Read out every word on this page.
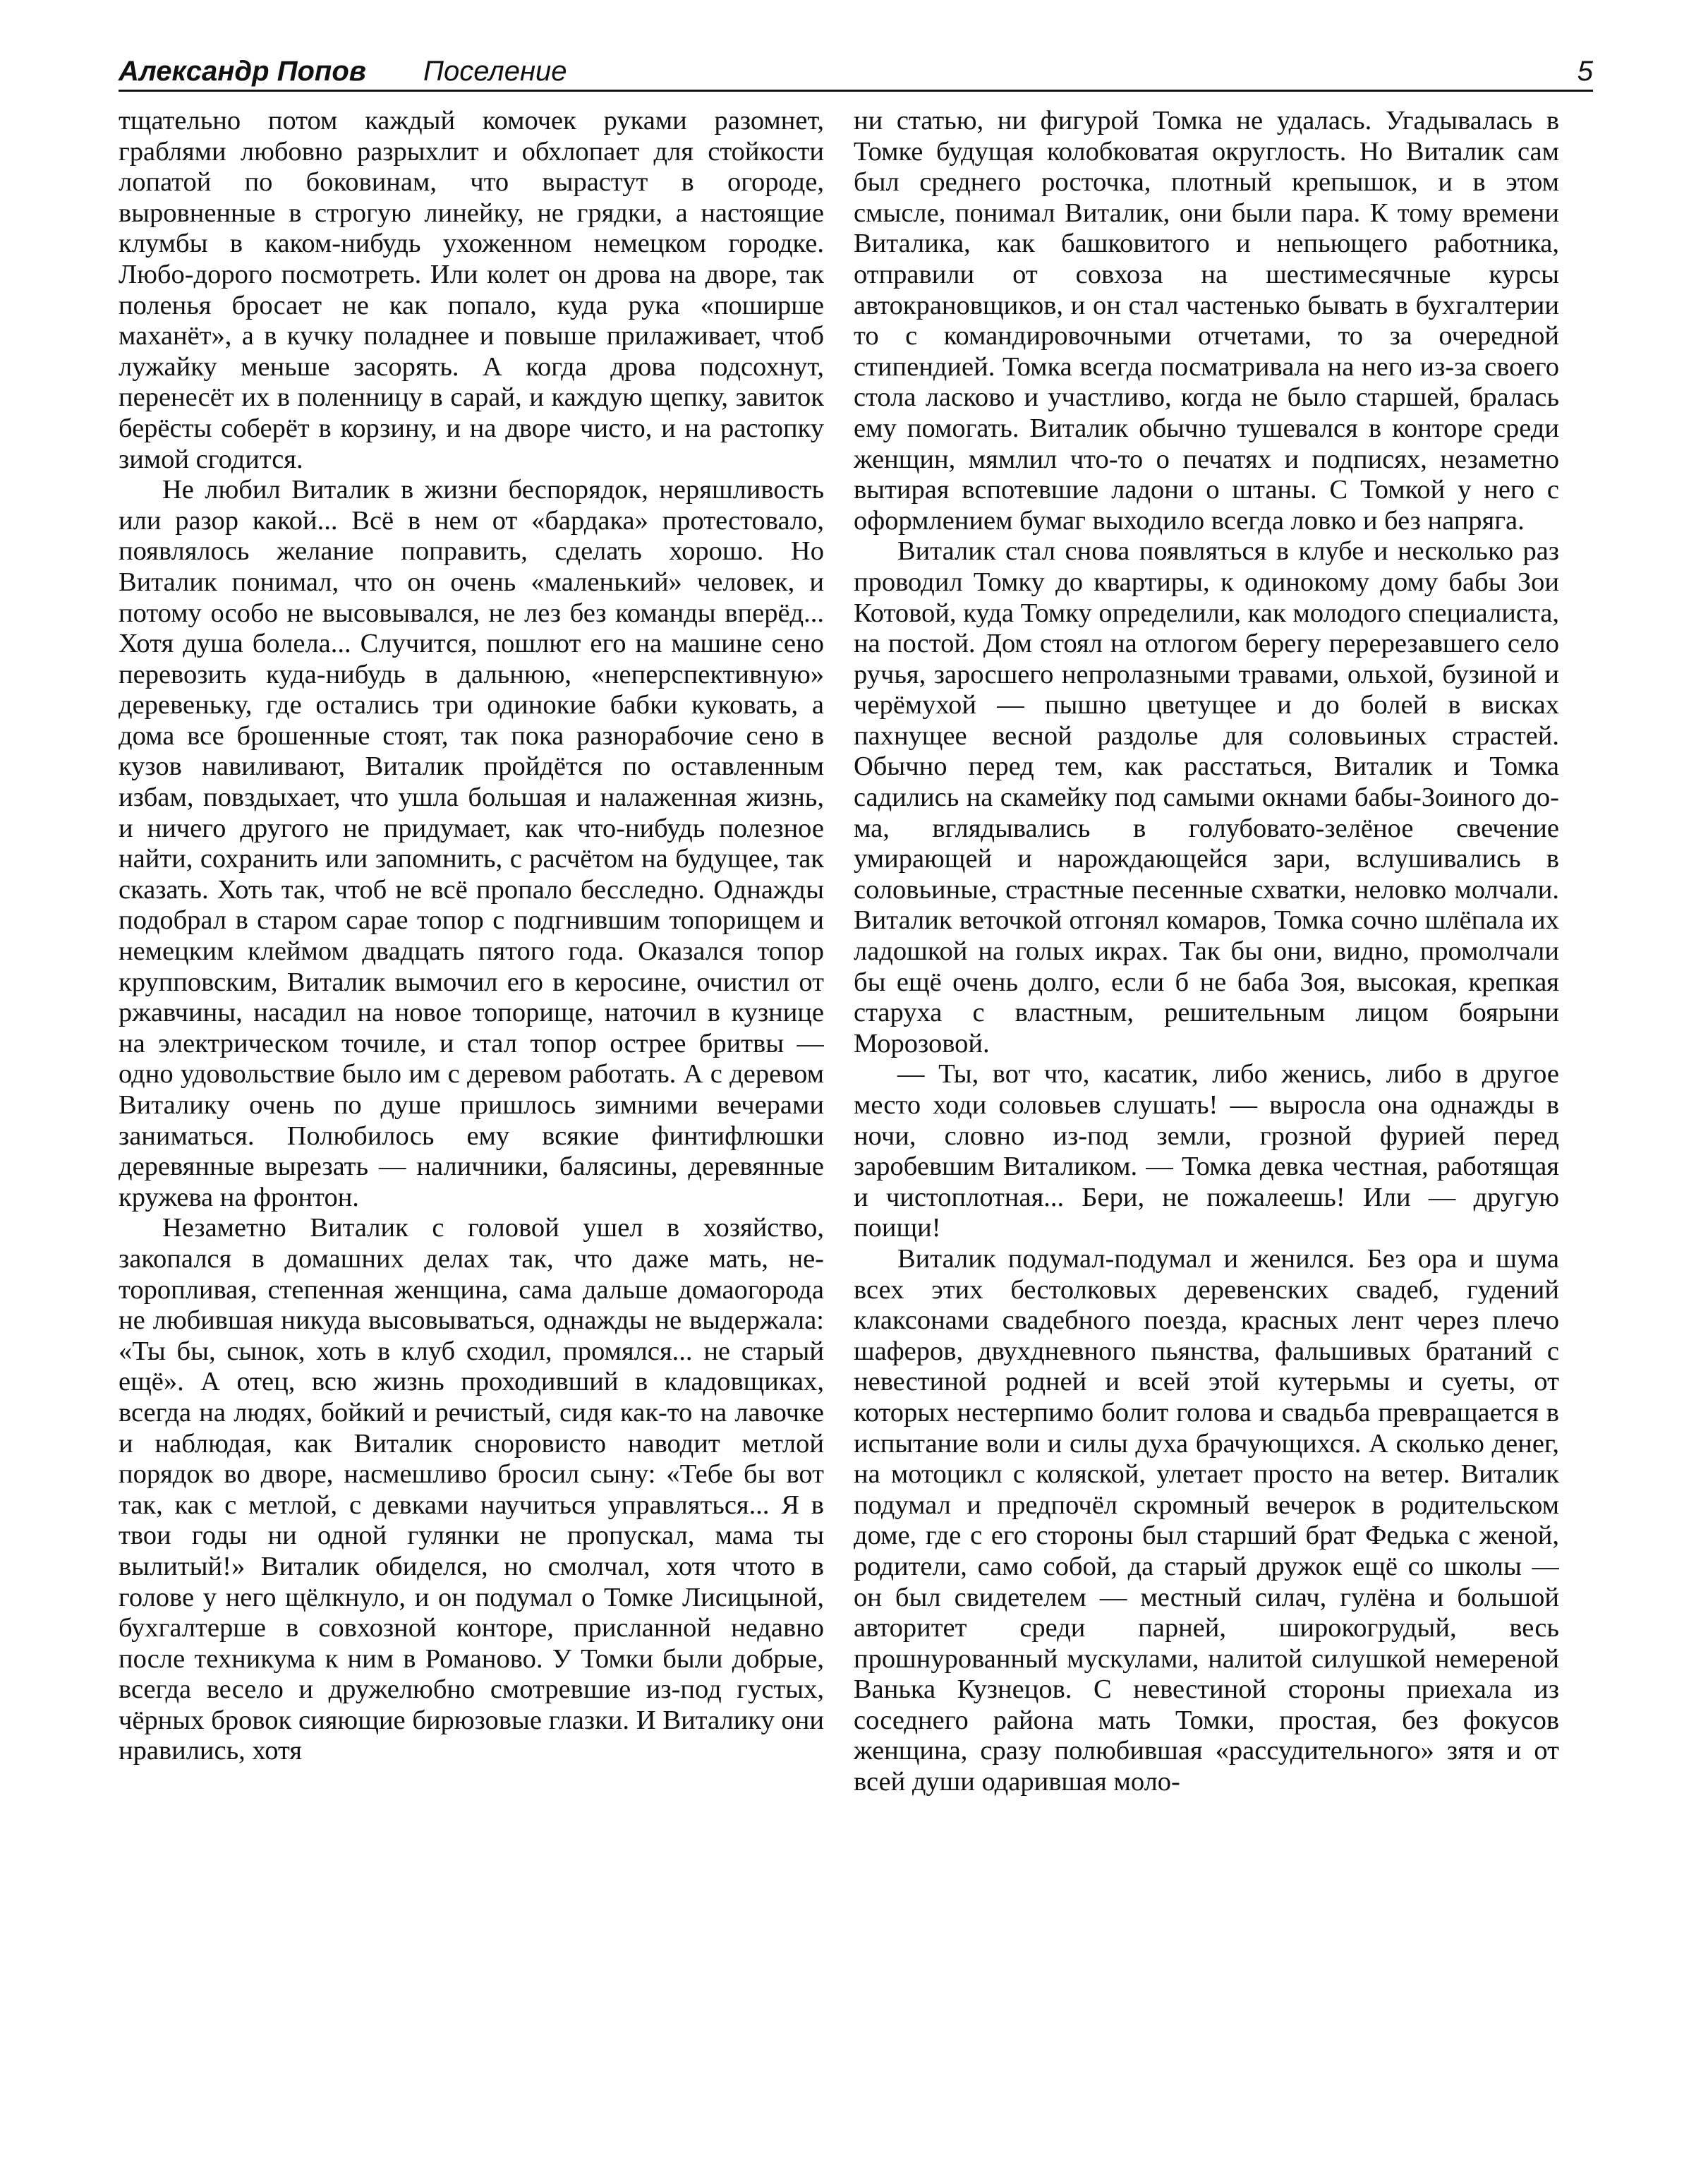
Александр Попов Поселение	5

тщательно потом каждый комочек руками разомнет, граблями любовно разрыхлит и обхлопает для стойкости лопатой по боковинам, что вырастут в огороде, выровненные в строгую линейку, не грядки, а настоящие клумбы в каком-нибудь ухоженном немецком городке. Любо-дорого посмотреть. Или колет он дрова на дворе, так поленья бросает не как попало, куда рука «поширше маханёт», а в кучку поладнее и повыше прилаживает, чтоб лужайку меньше засорять. А когда дрова подсохнут, перенесёт их в поленницу в сарай, и каждую щепку, завиток берёсты соберёт в корзину, и на дворе чисто, и на растопку зимой сгодится.

Не любил Виталик в жизни беспорядок, неряшливость или разор какой... Всё в нем от «бардака» протестовало, появлялось желание поправить, сделать хорошо. Но Виталик понимал, что он очень «маленький» человек, и потому особо не высовывался, не лез без команды вперёд... Хотя душа болела... Случится, пошлют его на машине сено перевозить куда-нибудь в дальнюю, «неперспективную» деревеньку, где остались три одинокие бабки куковать, а дома все брошенные стоят, так пока разнорабочие сено в кузов навиливают, Виталик пройдётся по оставленным избам, повздыхает, что ушла большая и налаженная жизнь, и ничего другого не придумает, как что-нибудь полезное найти, сохранить или запомнить, с расчётом на будущее, так сказать. Хоть так, чтоб не всё пропало бесследно. Однажды подобрал в старом сарае топор с подгнившим топорищем и немецким клеймом двадцать пятого года. Оказался топор крупповским, Виталик вымочил его в керосине, очистил от ржавчины, насадил на новое топорище, наточил в кузнице на электрическом точиле, и стал топор острее бритвы — одно удовольствие было им с деревом работать. А с деревом Виталику очень по душе пришлось зимними вечерами заниматься. Полюбилось ему всякие финтифлюшки деревянные вырезать — наличники, балясины, деревянные кружева на фронтон.

Незаметно Виталик с головой ушел в хозяйство, закопался в домашних делах так, что даже мать, неторопливая, степенная женщина, сама дальше домаогорода не любившая никуда высовываться, однажды не выдержала: «Ты бы, сынок, хоть в клуб сходил, промялся... не старый ещё». А отец, всю жизнь проходивший в кладовщиках, всегда на людях, бойкий и речистый, сидя как-то на лавочке и наблюдая, как Виталик сноровисто наводит метлой порядок во дворе, насмешливо бросил сыну: «Тебе бы вот так, как с метлой, с девками научиться управляться... Я в твои годы ни одной гулянки не пропускал, мама ты вылитый!» Виталик обиделся, но смолчал, хотя чтото в голове у него щёлкнуло, и он подумал о Томке Лисицыной, бухгалтерше в совхозной конторе, присланной недавно после техникума к ним в Романово. У Томки были добрые, всегда весело и дружелюбно смотревшие из-под густых, чёрных бровок сияющие бирюзовые глазки. И Виталику они нравились, хотя

ни статью, ни фигурой Томка не удалась. Угадывалась в Томке будущая колобковатая округлость. Но Виталик сам был среднего росточка, плотный крепышок, и в этом смысле, понимал Виталик, они были пара. К тому времени Виталика, как башковитого и непьющего работника, отправили от совхоза на шестимесячные курсы автокрановщиков, и он стал частенько бывать в бухгалтерии то с командировочными отчетами, то за очередной стипендией. Томка всегда посматривала на него из-за своего стола ласково и участливо, когда не было старшей, бралась ему помогать. Виталик обычно тушевался в конторе среди женщин, мямлил что-то о печатях и подписях, незаметно вытирая вспотевшие ладони о штаны. С Томкой у него с оформлением бумаг выходило всегда ловко и без напряга.

Виталик стал снова появляться в клубе и несколько раз проводил Томку до квартиры, к одинокому дому бабы Зои Котовой, куда Томку определили, как молодого специалиста, на постой. Дом стоял на отлогом берегу перерезавшего село ручья, заросшего непролазными травами, ольхой, бузиной и черёмухой — пышно цветущее и до болей в висках пахнущее весной раздолье для соловьиных страстей. Обычно перед тем, как расстаться, Виталик и Томка садились на скамейку под самыми окнами бабы-Зоиного дома, вглядывались в голубовато-зелёное свечение умирающей и нарождающейся зари, вслушивались в соловьиные, страстные песенные схватки, неловко молчали. Виталик веточкой отгонял комаров, Томка сочно шлёпала их ладошкой на голых икрах. Так бы они, видно, промолчали бы ещё очень долго, если б не баба Зоя, высокая, крепкая старуха с властным, решительным лицом боярыни Морозовой.

— Ты, вот что, касатик, либо женись, либо в другое место ходи соловьев слушать! — выросла она однажды в ночи, словно из-под земли, грозной фурией перед заробевшим Виталиком. — Томка девка честная, работящая и чистоплотная... Бери, не пожалеешь! Или — другую поищи!

Виталик подумал-подумал и женился. Без ора и шума всех этих бестолковых деревенских свадеб, гудений клаксонами свадебного поезда, красных лент через плечо шаферов, двухдневного пьянства, фальшивых братаний с невестиной родней и всей этой кутерьмы и суеты, от которых нестерпимо болит голова и свадьба превращается в испытание воли и силы духа брачующихся. А сколько денег, на мотоцикл с коляской, улетает просто на ветер. Виталик подумал и предпочёл скромный вечерок в родительском доме, где с его стороны был старший брат Федька с женой, родители, само собой, да старый дружок ещё со школы — он был свидетелем — местный силач, гулёна и большой авторитет среди парней, широкогрудый, весь прошнурованный мускулами, налитой силушкой немереной Ванька Кузнецов. С невестиной стороны приехала из соседнего района мать Томки, простая, без фокусов женщина, сразу полюбившая «рассудительного» зятя и от всей души одарившая моло-
